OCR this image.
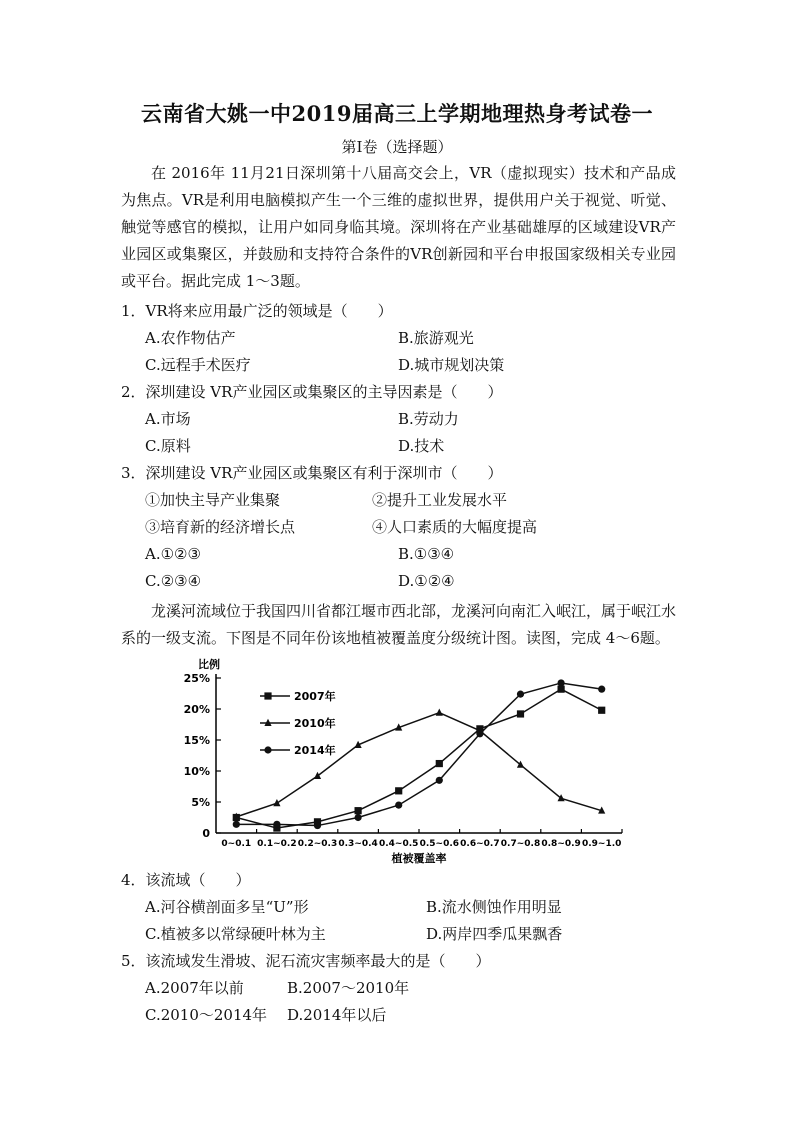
云南省大姚一中2019届高三上学期地理热身考试卷一
第Ⅰ卷（选择题）

在 2016年 11月21日深圳第十八届高交会上，VR（虚拟现实）技术和产品成为焦点。VR是利用电脑模拟产生一个三维的虚拟世界，提供用户关于视觉、听觉、触觉等感官的模拟，让用户如同身临其境。深圳将在产业基础雄厚的区域建设VR产业园区或集聚区，并鼓励和支持符合条件的VR创新园和平台申报国家级相关专业园或平台。据此完成 1～3题。

1．VR将来应用最广泛的领域是（　　）
A.农作物估产	B.旅游观光
C.远程手术医疗	D.城市规划决策
2．深圳建设 VR产业园区或集聚区的主导因素是（　　）
A.市场	B.劳动力
C.原料	D.技术
3．深圳建设 VR产业园区或集聚区有利于深圳市（　　）
①加快主导产业集聚	②提升工业发展水平
③培育新的经济增长点	④人口素质的大幅度提高
A.①②③	B.①③④
C.②③④	D.①②④

龙溪河流域位于我国四川省都江堰市西北部，龙溪河向南汇入岷江，属于岷江水系的一级支流。下图是不同年份该地植被覆盖度分级统计图。读图，完成 4～6题。

比例
0
5%
10%
15%
20%
25%
0~0.1 0.1~0.2 0.2~0.3 0.3~0.4 0.4~0.5 0.5~0.6 0.6~0.7 0.7~0.8 0.8~0.9 0.9~1.0
植被覆盖率
2007年
2010年
2014年
4．该流域（　　）
A.河谷横剖面多呈“U”形	B.流水侧蚀作用明显
C.植被多以常绿硬叶林为主	D.两岸四季瓜果飘香
5．该流域发生滑坡、泥石流灾害频率最大的是（　　）
A.2007年以前	B.2007～2010年
C.2010～2014年 D.2014年以后
